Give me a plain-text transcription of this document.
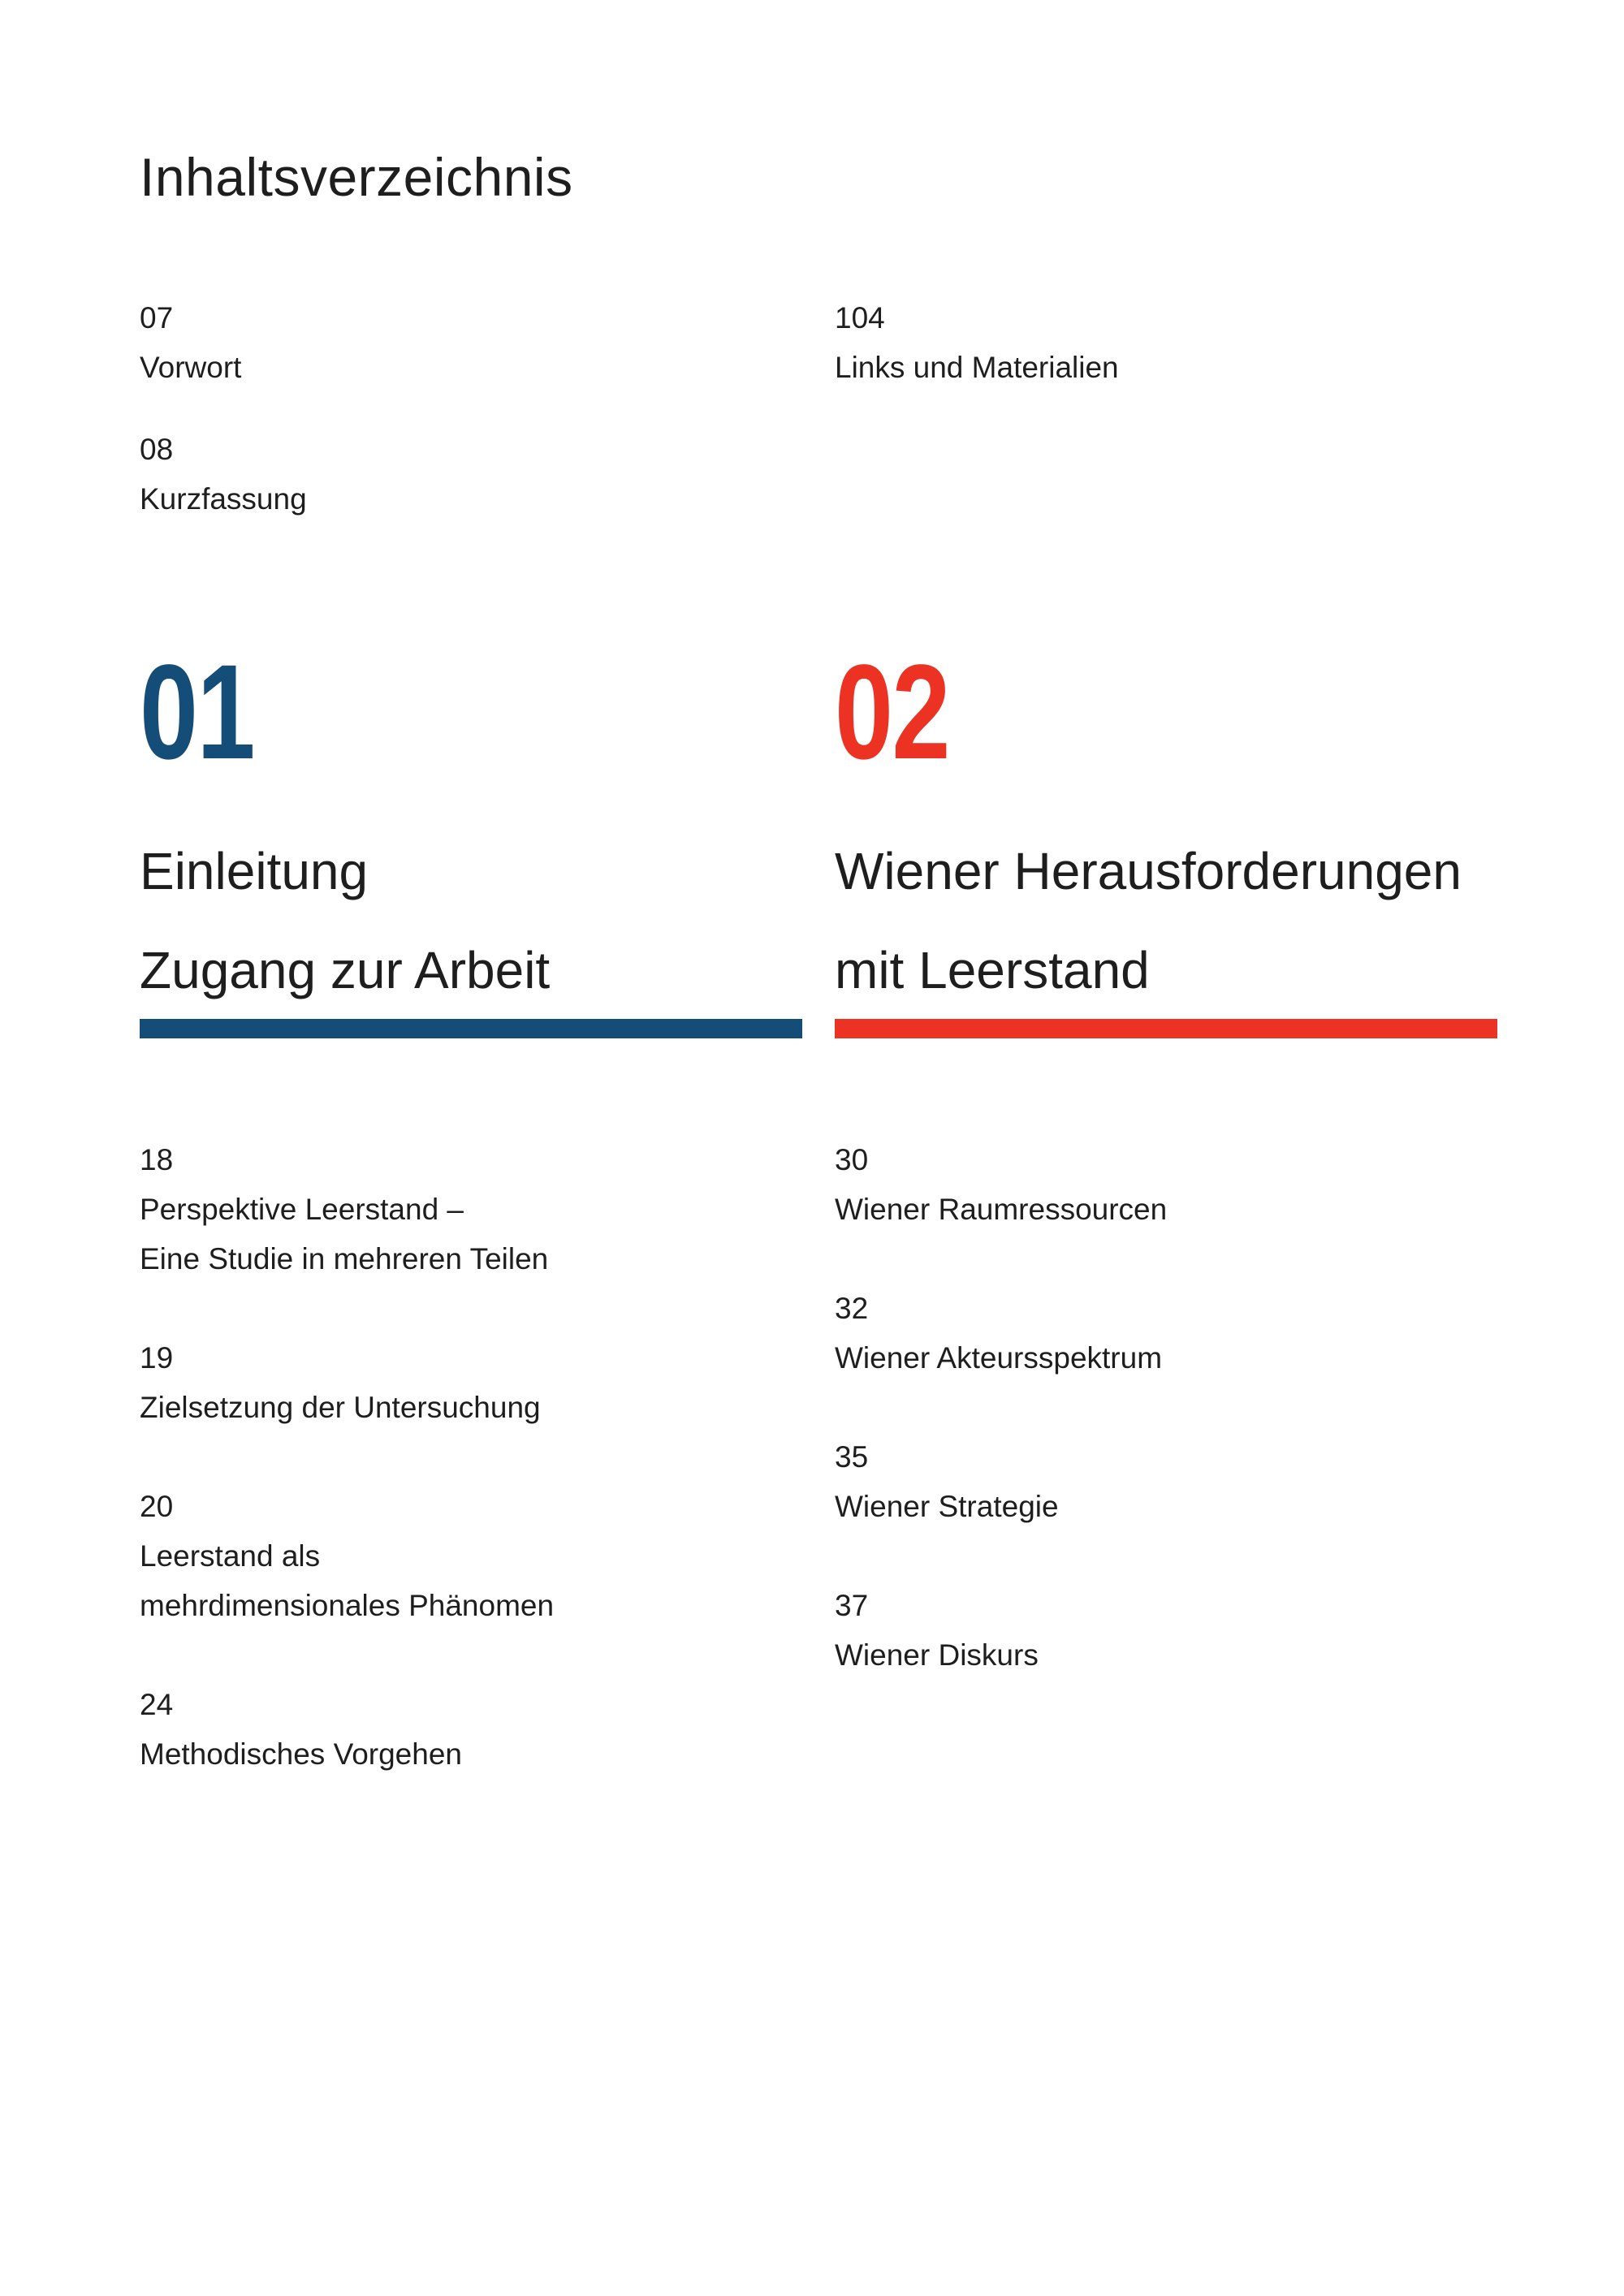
Inhaltsverzeichnis
07
Vorwort
08
Kurzfassung
104
Links und Materialien
01
Einleitung
Zugang zur Arbeit
18
Perspektive Leerstand –
Eine Studie in mehreren Teilen
19
Zielsetzung der Untersuchung
20
Leerstand als
mehrdimensionales Phänomen
24
Methodisches Vorgehen
02
Wiener Herausforderungen
mit Leerstand
30
Wiener Raumressourcen
32
Wiener Akteursspektrum
35
Wiener Strategie
37
Wiener Diskurs
